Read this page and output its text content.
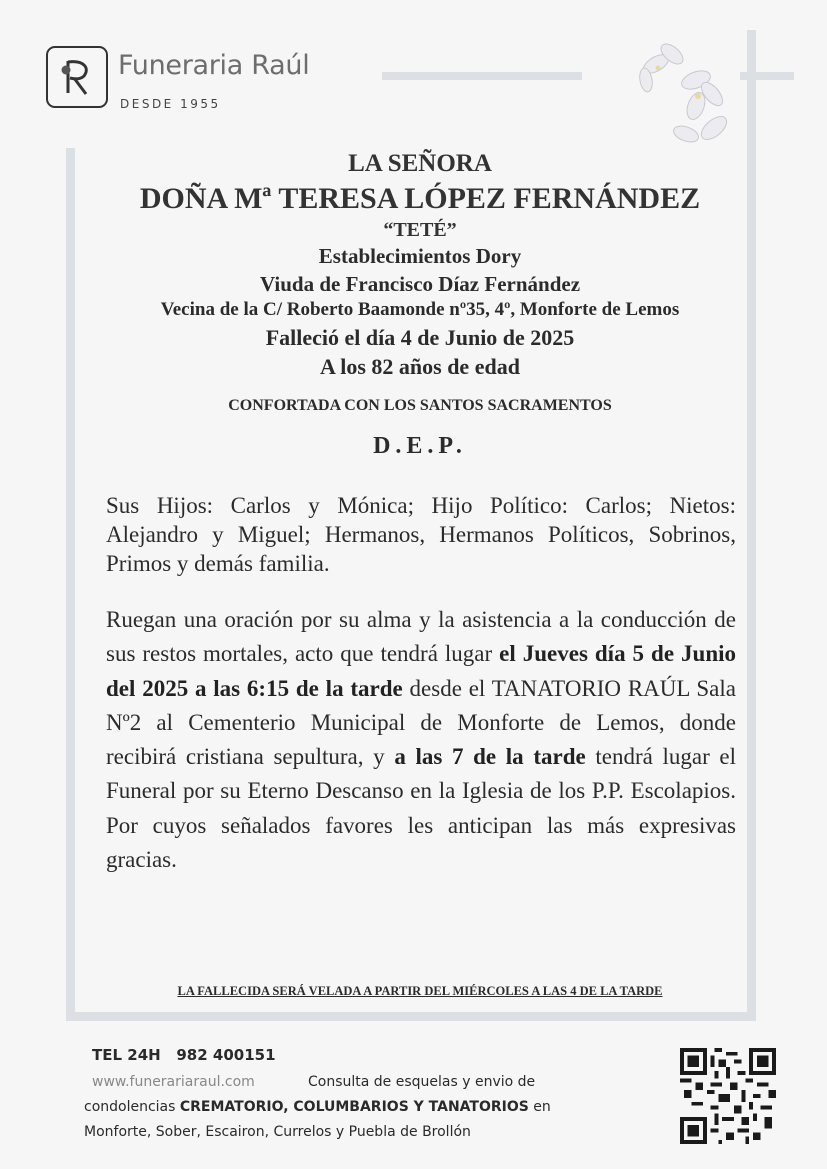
Funeraria Raúl
DESDE 1955
LA SEÑORA
DOÑA Mª TERESA LÓPEZ FERNÁNDEZ
“TETÉ”
Establecimientos Dory
Viuda de Francisco Díaz Fernández
Vecina de la C/ Roberto Baamonde nº35, 4º, Monforte de Lemos
Falleció el día 4 de Junio de 2025
A los 82 años de edad
CONFORTADA CON LOS SANTOS SACRAMENTOS
D.E.P.
Sus Hijos: Carlos y Mónica; Hijo Político: Carlos; Nietos: Alejandro y Miguel; Hermanos, Hermanos Políticos, Sobrinos, Primos y demás familia.
Ruegan una oración por su alma y la asistencia a la conducción de sus restos mortales, acto que tendrá lugar el Jueves día 5 de Junio del 2025 a las 6:15 de la tarde desde el TANATORIO RAÚL Sala Nº2 al Cementerio Municipal de Monforte de Lemos, donde recibirá cristiana sepultura, y a las 7 de la tarde tendrá lugar el Funeral por su Eterno Descanso en la Iglesia de los P.P. Escolapios. Por cuyos señalados favores les anticipan las más expresivas gracias.
LA FALLECIDA SERÁ VELADA A PARTIR DEL MIÉRCOLES A LAS 4 DE LA TARDE
TEL 24H 982 400151
www.funerariaraul.com	Consulta de esquelas y envio de
condolencias CREMATORIO, COLUMBARIOS Y TANATORIOS en
Monforte, Sober, Escairon, Currelos y Puebla de Brollón
